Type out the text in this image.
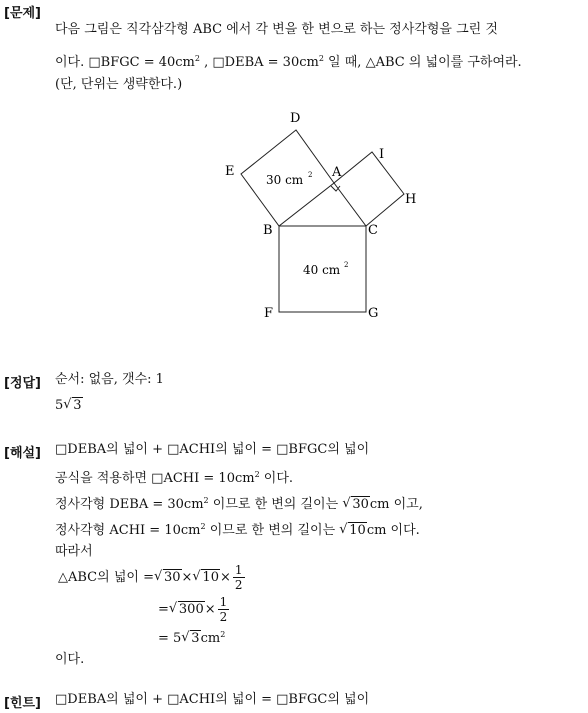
[문제]
다음 그림은 직각삼각형 ABC 에서 각 변을 한 변으로 하는 정사각형을 그린 것
이다. □BFGC = $40cm^2$ , □DEBA = $30cm^2$ 일 때, △ABC 의 넓이를 구하여라.
(단, 단위는 생략한다.)
D
E	A
I
H
B	C
F	G
30 cm 2
40 cm 2
[정답] 순서: 없음, 갯수: 1
5 √ 3
[해설] □DEBA의 넓이 + □ACHI의 넓이 = □BFGC의 넓이
공식을 적용하면 □ACHI = $10cm^2$ 이다.
정사각형 DEBA = $30cm^2$ 이므로 한 변의 길이는 √ 30cm 이고,
정사각형 ACHI = $10cm^2$ 이므로 한 변의 길이는 √ 10cm 이다.
따라서
△ABC의 넓이 = √ 30 × √ $10 \times \frac{1}{2}$
= √ $300 \times \frac{1}{2}$
= 5 √ $3cm^2$
이다.
[힌트] □DEBA의 넓이 + □ACHI의 넓이 = □BFGC의 넓이
